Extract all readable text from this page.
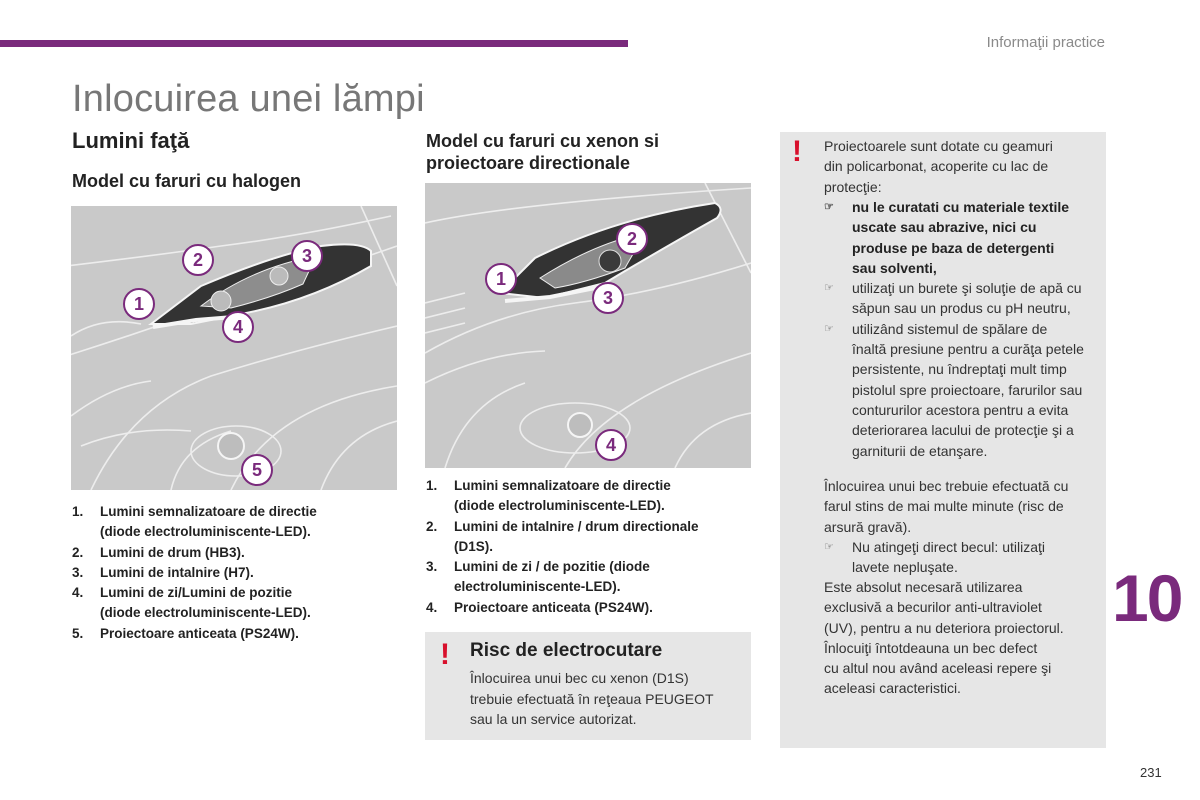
Informaţii practice
Inlocuirea unei lămpi
Lumini faţă
Model cu faruri cu halogen
1
2	3
4
5
1. Lumini semnalizatoare de directie
(diode electroluminiscente-LED).
2. Lumini de drum (HB3).
3. Lumini de intalnire (H7).
4. Lumini de zi/Lumini de pozitie
(diode electroluminiscente-LED).
5. Proiectoare anticeata (PS24W).
Model cu faruri cu xenon si
proiectoare directionale
1
2
3
4
1. Lumini semnalizatoare de directie
(diode electroluminiscente-LED).
2. Lumini de intalnire / drum directionale
(D1S).
3. Lumini de zi / de pozitie (diode
electroluminiscente-LED).
4. Proiectoare anticeata (PS24W).
! Risc de electrocutare
Înlocuirea unui bec cu xenon (D1S)
trebuie efectuată în reţeaua PEUGEOT
sau la un service autorizat.
! Proiectoarele sunt dotate cu geamuri
din policarbonat, acoperite cu lac de
protecţie:
☞ nu le curatati cu materiale textile
uscate sau abrazive, nici cu
produse pe baza de detergenti
sau solventi,
☞ utilizaţi un burete şi soluţie de apă cu
săpun sau un produs cu pH neutru,
☞ utilizând sistemul de spălare de
înaltă presiune pentru a curăţa petele
persistente, nu îndreptaţi mult timp
pistolul spre proiectoare, farurilor sau
contururilor acestora pentru a evita
deteriorarea lacului de protecţie şi a
garniturii de etanşare.
Înlocuirea unui bec trebuie efectuată cu
farul stins de mai multe minute (risc de
arsură gravă).
☞ Nu atingeţi direct becul: utilizaţi
lavete nepluşate.
Este absolut necesară utilizarea
exclusivă a becurilor anti-ultraviolet
(UV), pentru a nu deteriora proiectorul.
Înlocuiţi întotdeauna un bec defect
cu altul nou având aceleasi repere şi
aceleasi caracteristici.
10
231
